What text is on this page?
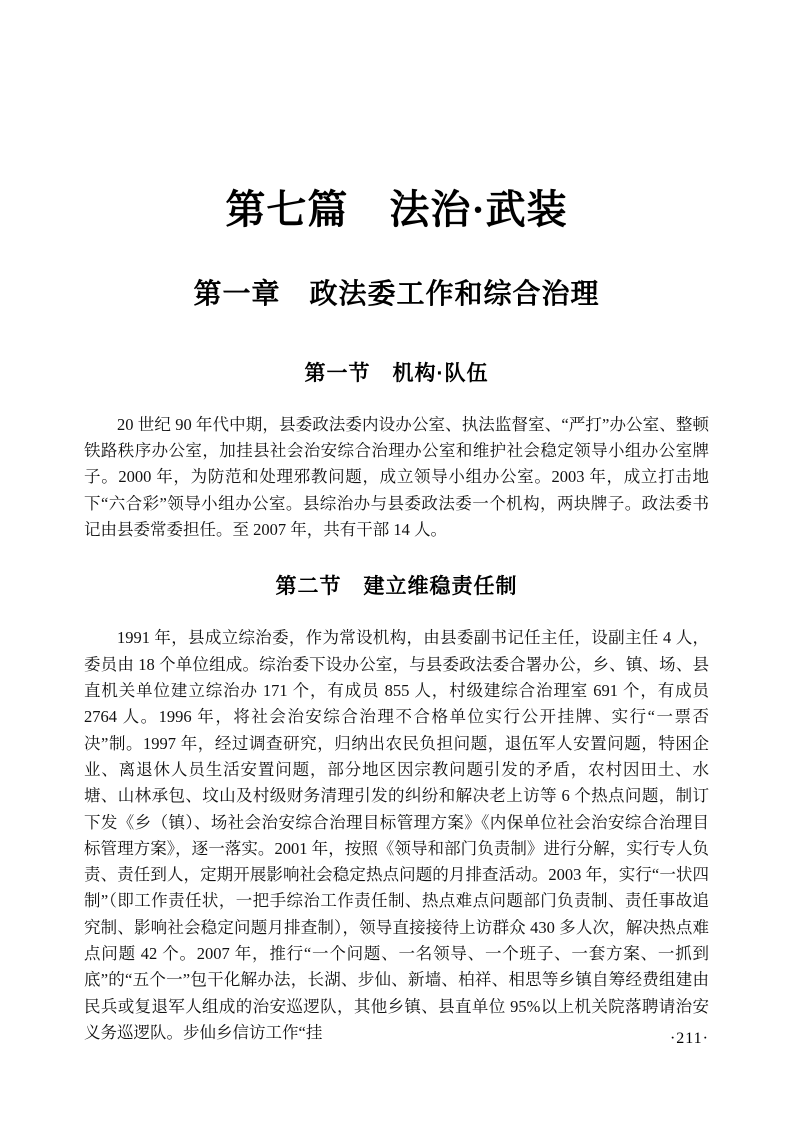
第七篇　法治·武装
第一章　政法委工作和综合治理
第一节　机构·队伍

20 世纪 90 年代中期，县委政法委内设办公室、执法监督室、“严打”办公室、整顿铁路秩序办公室，加挂县社会治安综合治理办公室和维护社会稳定领导小组办公室牌子。2000 年，为防范和处理邪教问题，成立领导小组办公室。2003 年，成立打击地下“六合彩”领导小组办公室。县综治办与县委政法委一个机构，两块牌子。政法委书记由县委常委担任。至 2007 年，共有干部 14 人。

第二节　建立维稳责任制

1991 年，县成立综治委，作为常设机构，由县委副书记任主任，设副主任 4 人，委员由 18 个单位组成。综治委下设办公室，与县委政法委合署办公，乡、镇、场、县直机关单位建立综治办 171 个，有成员 855 人，村级建综合治理室 691 个，有成员 2764 人。1996 年，将社会治安综合治理不合格单位实行公开挂牌、实行“一票否决”制。1997 年，经过调查研究，归纳出农民负担问题，退伍军人安置问题，特困企业、离退休人员生活安置问题，部分地区因宗教问题引发的矛盾，农村因田土、水塘、山林承包、坟山及村级财务清理引发的纠纷和解决老上访等 6 个热点问题，制订下发《乡（镇）、场社会治安综合治理目标管理方案》《内保单位社会治安综合治理目标管理方案》，逐一落实。2001 年，按照《领导和部门负责制》进行分解，实行专人负责、责任到人，定期开展影响社会稳定热点问题的月排查活动。2003 年，实行“一状四制”（即工作责任状，一把手综治工作责任制、热点难点问题部门负责制、责任事故追究制、影响社会稳定问题月排查制），领导直接接待上访群众 430 多人次，解决热点难点问题 42 个。2007 年，推行“一个问题、一名领导、一个班子、一套方案、一抓到底”的“五个一”包干化解办法，长湖、步仙、新墙、柏祥、相思等乡镇自筹经费组建由民兵或复退军人组成的治安巡逻队，其他乡镇、县直单位 95%以上机关院落聘请治安义务巡逻队。步仙乡信访工作“挂	·211·
